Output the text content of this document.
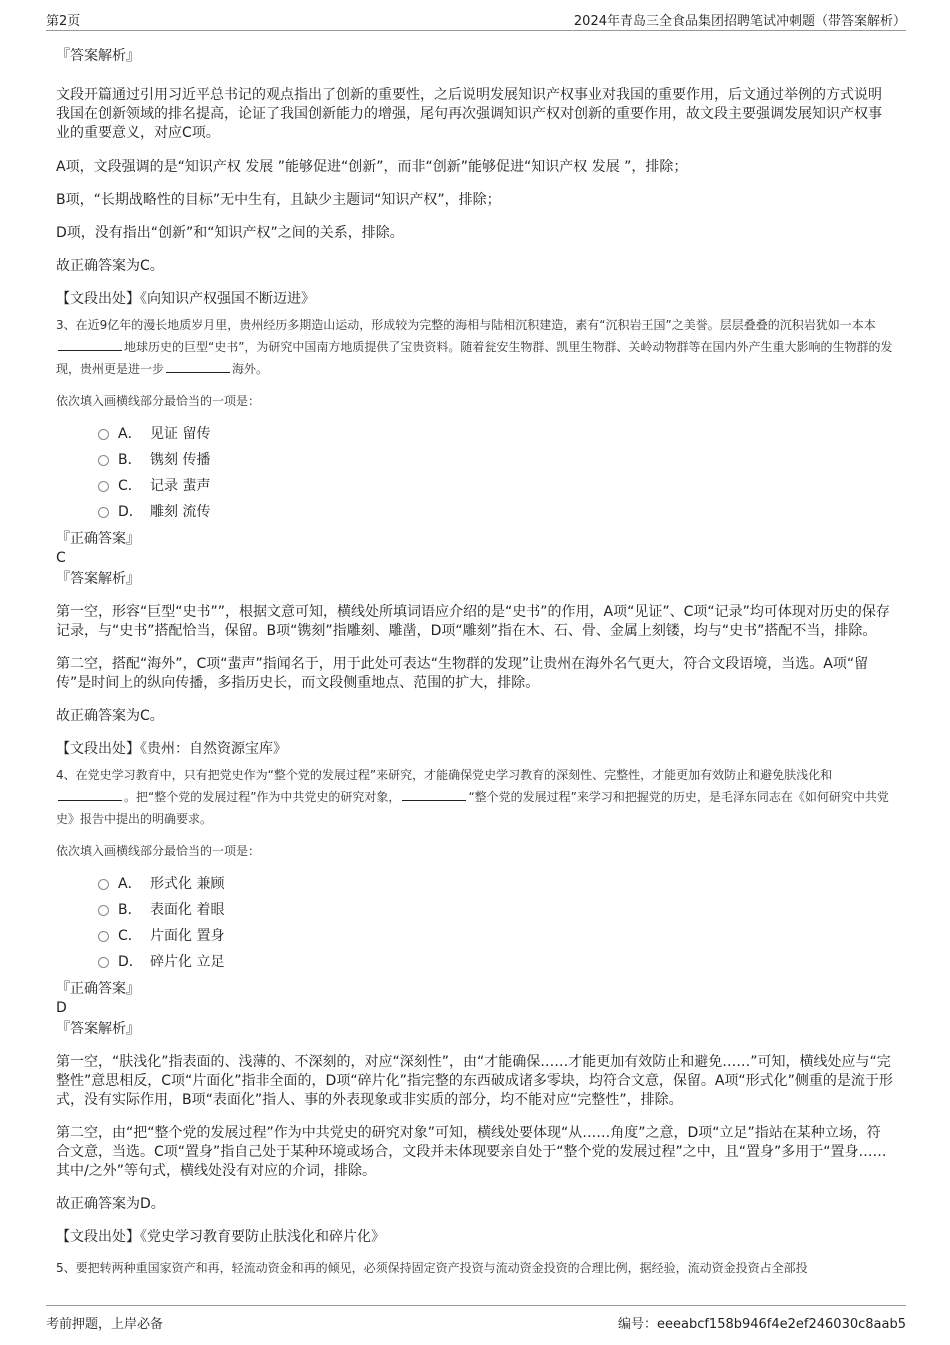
第2页	2024年青岛三全食品集团招聘笔试冲刺题（带答案解析）

『答案解析』

文段开篇通过引用习近平总书记的观点指出了创新的重要性，之后说明发展知识产权事业对我国的重要作用，后文通过举例的方式说明我国在创新领域的排名提高，论证了我国创新能力的增强，尾句再次强调知识产权对创新的重要作用，故文段主要强调发展知识产权事业的重要意义，对应C项。

A项，文段强调的是“知识产权 发展 ”能够促进“创新”，而非“创新”能够促进“知识产权 发展 ”，排除；

B项，“长期战略性的目标”无中生有，且缺少主题词“知识产权”，排除；

D项，没有指出“创新”和“知识产权”之间的关系，排除。

故正确答案为C。

【文段出处】《向知识产权强国不断迈进》

3、在近9亿年的漫长地质岁月里，贵州经历多期造山运动，形成较为完整的海相与陆相沉积建造，素有“沉积岩王国”之美誉。层层叠叠的沉积岩犹如一本本地球历史的巨型“史书”，为研究中国南方地质提供了宝贵资料。随着瓮安生物群、凯里生物群、关岭动物群等在国内外产生重大影响的生物群的发现，贵州更是进一步	海外。
依次填入画横线部分最恰当的一项是：
A． 见证 留传
B． 镌刻 传播
C． 记录 蜚声
D． 雕刻 流传

『正确答案』

C

『答案解析』

第一空，形容“巨型“史书””，根据文意可知，横线处所填词语应介绍的是“史书”的作用，A项“见证”、C项“记录”均可体现对历史的保存记录，与“史书”搭配恰当，保留。B项“镌刻”指雕刻、雕凿，D项“雕刻”指在木、石、骨、金属上刻镂，均与“史书”搭配不当，排除。

第二空，搭配“海外”，C项“蜚声”指闻名于，用于此处可表达“生物群的发现”让贵州在海外名气更大，符合文段语境，当选。A项“留传”是时间上的纵向传播，多指历史长，而文段侧重地点、范围的扩大，排除。

故正确答案为C。

【文段出处】《贵州：自然资源宝库》

4、在党史学习教育中，只有把党史作为“整个党的发展过程”来研究，才能确保党史学习教育的深刻性、完整性，才能更加有效防止和避免肤浅化和。把“整个党的发展过程”作为中共党史的研究对象，	“整个党的发展过程”来学习和把握党的历史，是毛泽东同志在《如何研究中共党史》报告中提出的明确要求。
依次填入画横线部分最恰当的一项是：
A． 形式化 兼顾
B． 表面化 着眼
C． 片面化 置身
D． 碎片化 立足

『正确答案』

D

『答案解析』

第一空，“肤浅化”指表面的、浅薄的、不深刻的，对应“深刻性”，由“才能确保……才能更加有效防止和避免……”可知，横线处应与“完整性”意思相反，C项“片面化”指非全面的，D项“碎片化”指完整的东西破成诸多零块，均符合文意，保留。A项“形式化”侧重的是流于形式，没有实际作用，B项“表面化”指人、事的外表现象或非实质的部分，均不能对应“完整性”，排除。

第二空，由“把“整个党的发展过程”作为中共党史的研究对象”可知，横线处要体现“从……角度”之意，D项“立足”指站在某种立场，符合文意，当选。C项“置身”指自己处于某种环境或场合，文段并未体现要亲自处于“整个党的发展过程”之中，且“置身”多用于“置身……其中/之外”等句式，横线处没有对应的介词，排除。

故正确答案为D。

【文段出处】《党史学习教育要防止肤浅化和碎片化》

5、要把转两种重国家资产和再，轻流动资金和再的倾见，必须保持固定资产投资与流动资金投资的合理比例，据经验，流动资金投资占全部投
考前押题，上岸必备	编号：eeeabcf158b946f4e2ef246030c8aab5
